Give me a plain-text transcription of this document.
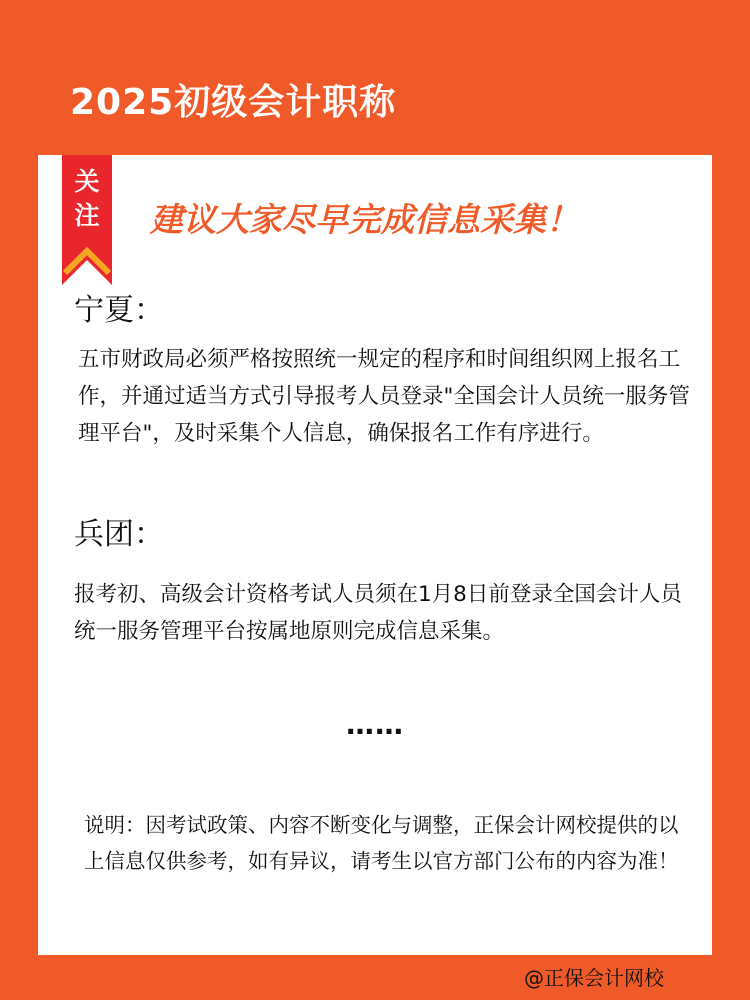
2025初级会计职称
关
注	建议大家尽早完成信息采集！
宁夏：
五市财政局必须严格按照统一规定的程序和时间组织网上报名工作，并通过适当方式引导报考人员登录"全国会计人员统一服务管理平台"，及时采集个人信息，确保报名工作有序进行。
兵团：
报考初、高级会计资格考试人员须在1月8日前登录全国会计人员统一服务管理平台按属地原则完成信息采集。
……
说明：因考试政策、内容不断变化与调整，正保会计网校提供的以上信息仅供参考，如有异议，请考生以官方部门公布的内容为准！
@正保会计网校
